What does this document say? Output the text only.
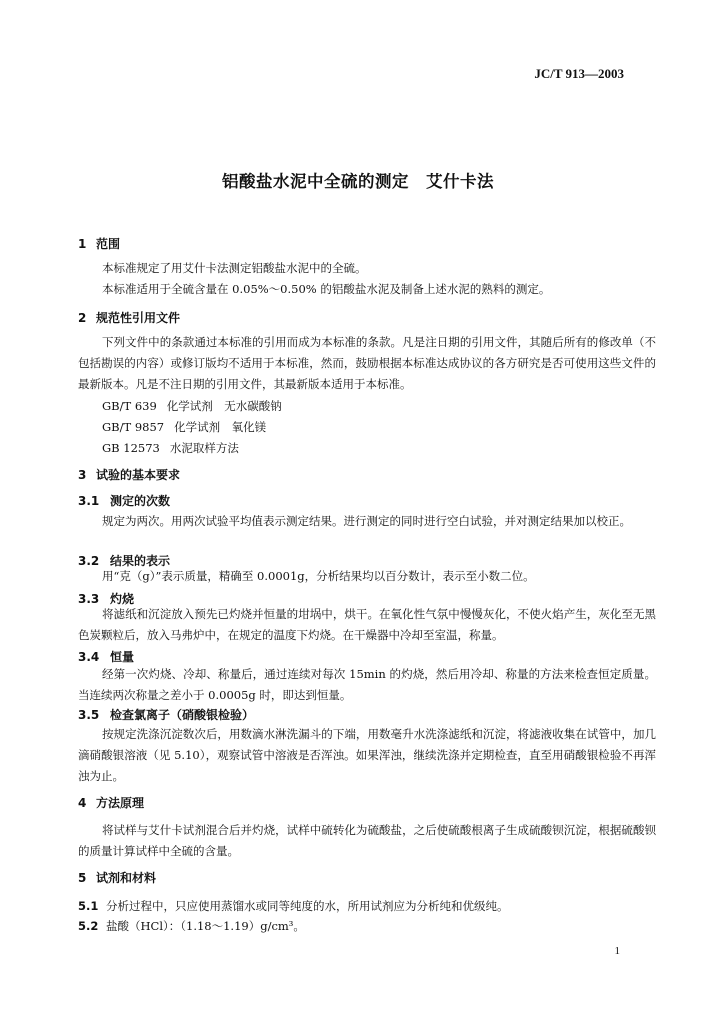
JC/T 913—2003
铝酸盐水泥中全硫的测定　艾什卡法
1 范围
本标准规定了用艾什卡法测定铝酸盐水泥中的全硫。
本标准适用于全硫含量在 0.05%～0.50% 的铝酸盐水泥及制备上述水泥的熟料的测定。
2 规范性引用文件
下列文件中的条款通过本标准的引用而成为本标准的条款。凡是注日期的引用文件，其随后所有的修改单（不包括勘误的内容）或修订版均不适用于本标准，然而，鼓励根据本标准达成协议的各方研究是否可使用这些文件的最新版本。凡是不注日期的引用文件，其最新版本适用于本标准。
GB/T 639 化学试剂　无水碳酸钠
GB/T 9857 化学试剂　氧化镁
GB 12573 水泥取样方法
3 试验的基本要求
3.1 测定的次数
规定为两次。用两次试验平均值表示测定结果。进行测定的同时进行空白试验，并对测定结果加以校正。
3.2 结果的表示
用“克（g）”表示质量，精确至 0.0001g，分析结果均以百分数计，表示至小数二位。
3.3 灼烧
将滤纸和沉淀放入预先已灼烧并恒量的坩埚中，烘干。在氧化性气氛中慢慢灰化，不使火焰产生，灰化至无黑色炭颗粒后，放入马弗炉中，在规定的温度下灼烧。在干燥器中冷却至室温，称量。
3.4 恒量
经第一次灼烧、冷却、称量后，通过连续对每次 15min 的灼烧，然后用冷却、称量的方法来检查恒定质量。当连续两次称量之差小于 0.0005g 时，即达到恒量。
3.5 检查氯离子（硝酸银检验）
按规定洗涤沉淀数次后，用数滴水淋洗漏斗的下端，用数毫升水洗涤滤纸和沉淀，将滤液收集在试管中，加几滴硝酸银溶液（见 5.10），观察试管中溶液是否浑浊。如果浑浊，继续洗涤并定期检查，直至用硝酸银检验不再浑浊为止。
4 方法原理
将试样与艾什卡试剂混合后并灼烧，试样中硫转化为硫酸盐，之后使硫酸根离子生成硫酸钡沉淀，根据硫酸钡的质量计算试样中全硫的含量。
5 试剂和材料
5.1 分析过程中，只应使用蒸馏水或同等纯度的水，所用试剂应为分析纯和优级纯。
5.2 盐酸（HCl）：（1.18～1.19）g/cm³。
1
